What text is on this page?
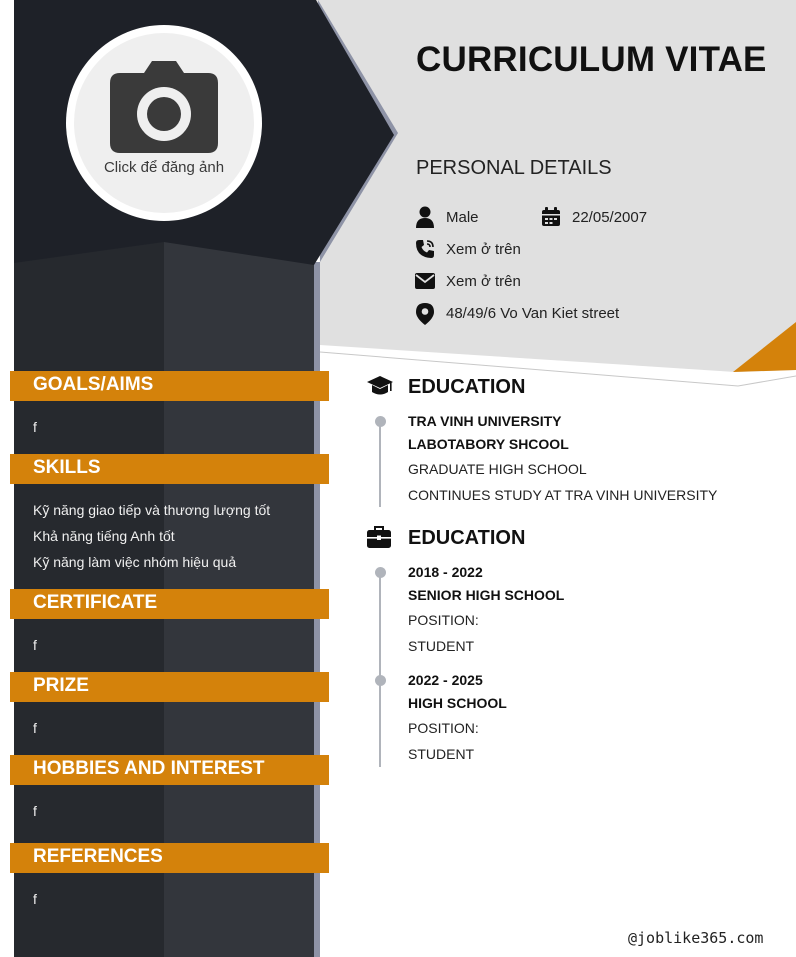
Click để đăng ảnh
CURRICULUM VITAE
PERSONAL DETAILS
Male	22/05/2007
Xem ở trên
Xem ở trên
48/49/6 Vo Van Kiet street
GOALS/AIMS
f
SKILLS
Kỹ năng giao tiếp và thương lượng tốt
Khả năng tiếng Anh tốt
Kỹ năng làm việc nhóm hiệu quả
CERTIFICATE
f
PRIZE
f
HOBBIES AND INTEREST
f
REFERENCES
f
EDUCATION
TRA VINH UNIVERSITY
LABOTABORY SHCOOL
GRADUATE HIGH SCHOOL
CONTINUES STUDY AT TRA VINH UNIVERSITY
EDUCATION
2018 - 2022
SENIOR HIGH SCHOOL
POSITION:
STUDENT
2022 - 2025
HIGH SCHOOL
POSITION:
STUDENT
@joblike365.com
